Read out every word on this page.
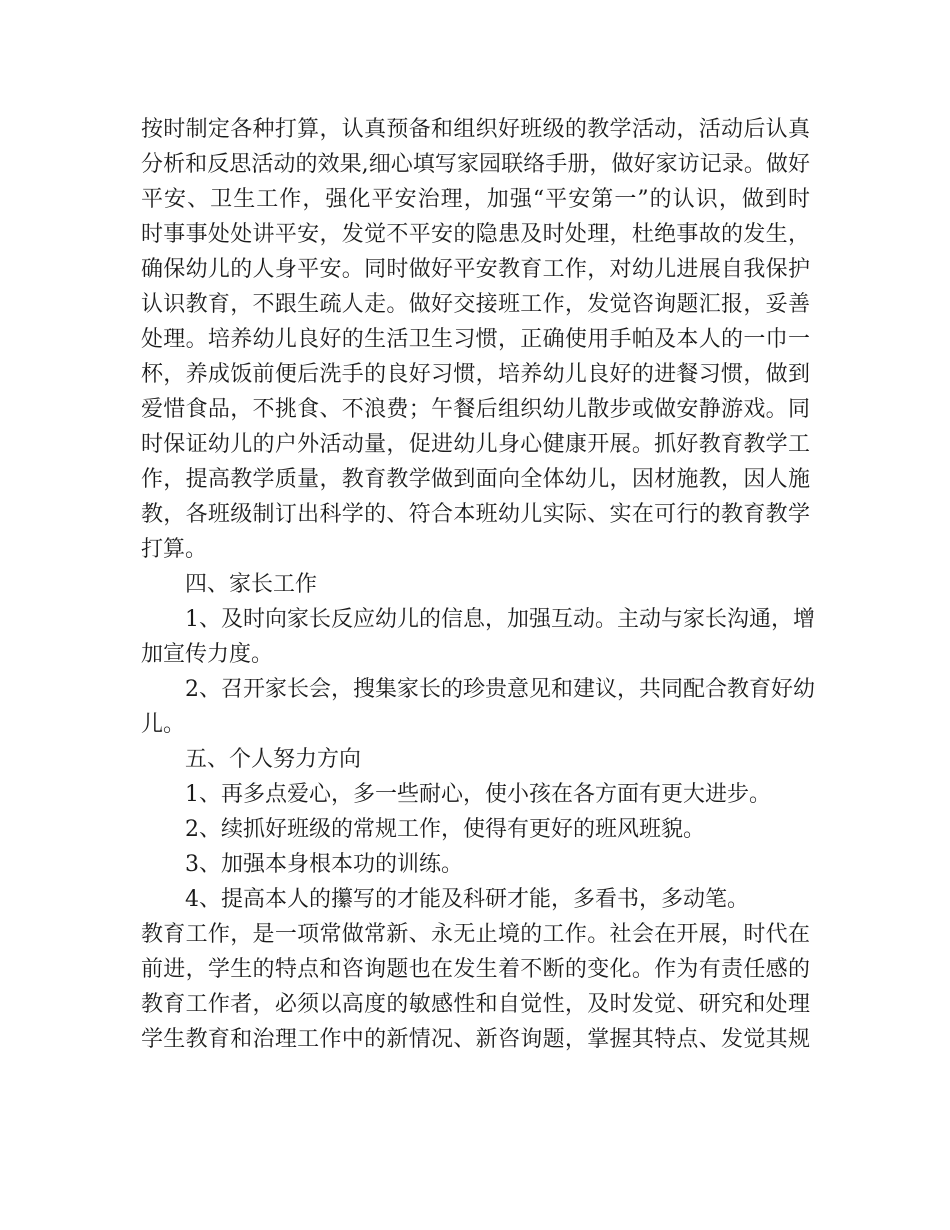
按时制定各种打算，认真预备和组织好班级的教学活动，活动后认真
分析和反思活动的效果,细心填写家园联络手册，做好家访记录。做好
平安、卫生工作，强化平安治理，加强“平安第一”的认识，做到时
时事事处处讲平安，发觉不平安的隐患及时处理，杜绝事故的发生，
确保幼儿的人身平安。同时做好平安教育工作，对幼儿进展自我保护
认识教育，不跟生疏人走。做好交接班工作，发觉咨询题汇报，妥善
处理。培养幼儿良好的生活卫生习惯，正确使用手帕及本人的一巾一
杯，养成饭前便后洗手的良好习惯，培养幼儿良好的进餐习惯，做到
爱惜食品，不挑食、不浪费；午餐后组织幼儿散步或做安静游戏。同
时保证幼儿的户外活动量，促进幼儿身心健康开展。抓好教育教学工
作，提高教学质量，教育教学做到面向全体幼儿，因材施教，因人施
教，各班级制订出科学的、符合本班幼儿实际、实在可行的教育教学
打算。
四、家长工作
1、及时向家长反应幼儿的信息，加强互动。主动与家长沟通，增
加宣传力度。
2、召开家长会，搜集家长的珍贵意见和建议，共同配合教育好幼
儿。
五、个人努力方向
1、再多点爱心，多一些耐心，使小孩在各方面有更大进步。
2、续抓好班级的常规工作，使得有更好的班风班貌。
3、加强本身根本功的训练。
4、提高本人的攥写的才能及科研才能，多看书，多动笔。
教育工作，是一项常做常新、永无止境的工作。社会在开展，时代在
前进，学生的特点和咨询题也在发生着不断的变化。作为有责任感的
教育工作者，必须以高度的敏感性和自觉性，及时发觉、研究和处理
学生教育和治理工作中的新情况、新咨询题，掌握其特点、发觉其规
